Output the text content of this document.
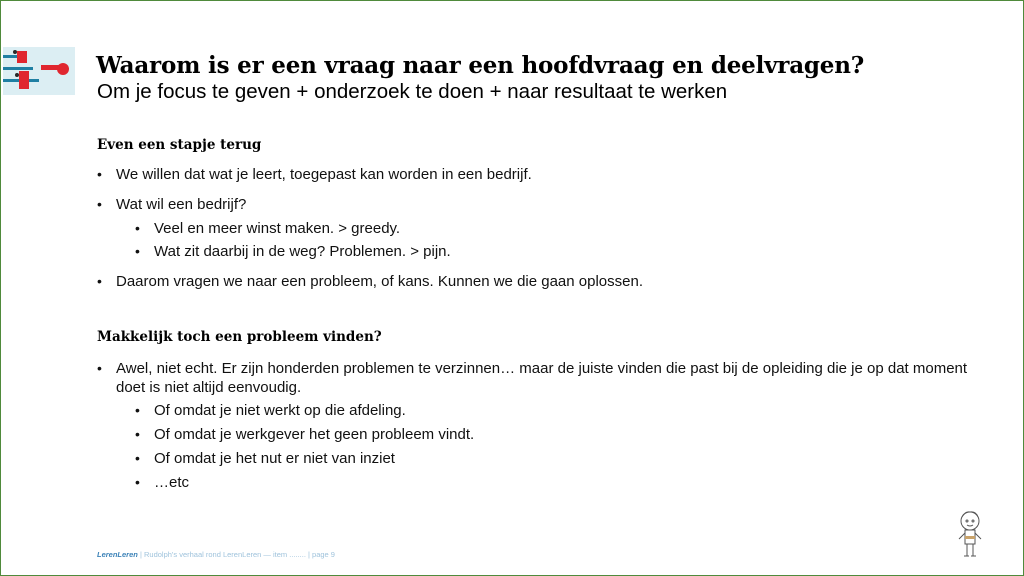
Waarom is er een vraag naar een hoofdvraag en deelvragen?
Om je focus te geven + onderzoek te doen + naar resultaat te werken
Even een stapje terug
• We willen dat wat je leert, toegepast kan worden in een bedrijf.
• Wat wil een bedrijf?
• Veel en meer winst maken. > greedy.
• Wat zit daarbij in de weg? Problemen. > pijn.
• Daarom vragen we naar een probleem, of kans. Kunnen we die gaan oplossen.
Makkelijk toch een probleem vinden?
• Awel, niet echt. Er zijn honderden problemen te verzinnen… maar de juiste vinden die past bij de opleiding die je op dat moment doet is niet altijd eenvoudig.
• Of omdat je niet werkt op die afdeling.
• Of omdat je werkgever het geen probleem vindt.
• Of omdat je het nut er niet van inziet
• …etc
LerenLeren | Rudolph's verhaal rond LerenLeren — item ........ | page 9
